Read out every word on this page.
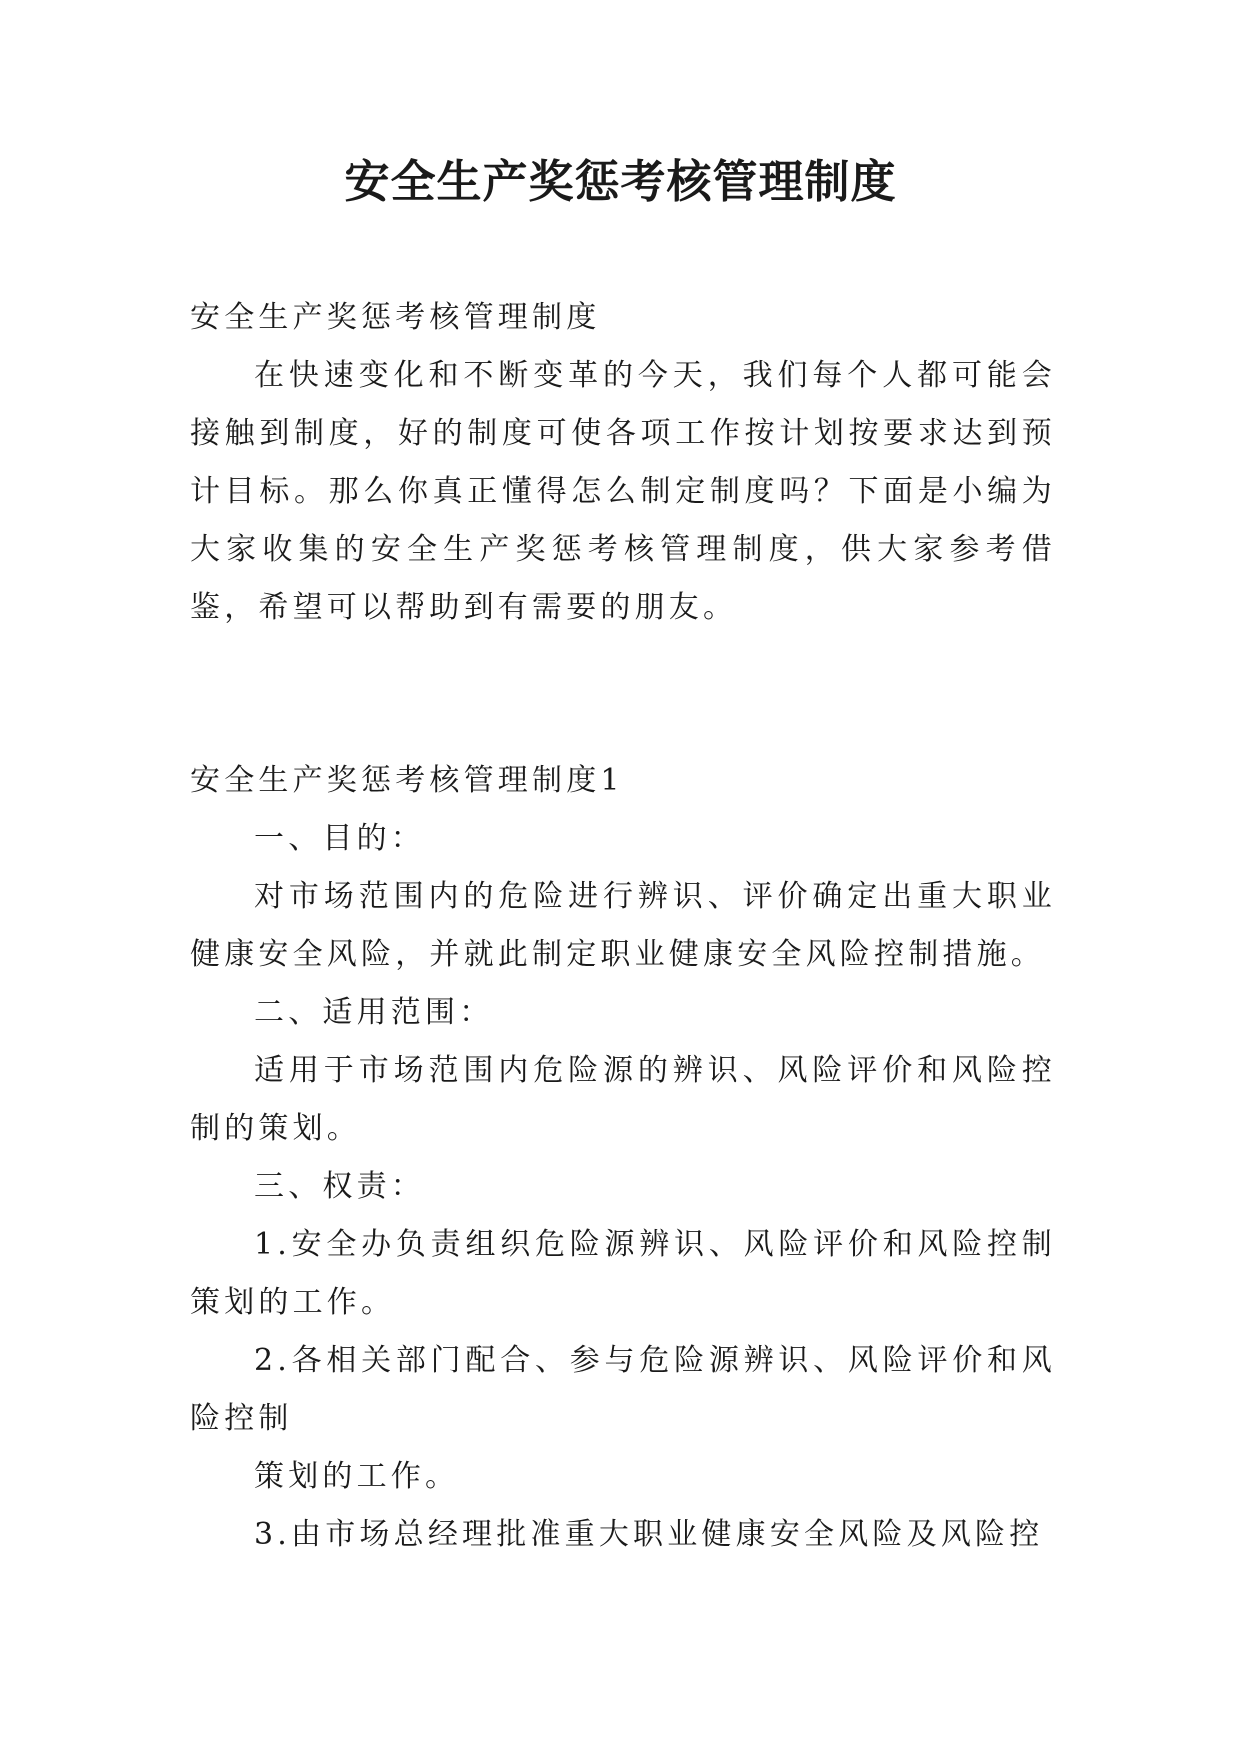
安全生产奖惩考核管理制度

安全生产奖惩考核管理制度

在快速变化和不断变革的今天，我们每个人都可能会接触到制度，好的制度可使各项工作按计划按要求达到预计目标。那么你真正懂得怎么制定制度吗？下面是小编为大家收集的安全生产奖惩考核管理制度，供大家参考借鉴，希望可以帮助到有需要的朋友。

安全生产奖惩考核管理制度1

一、目的：

对市场范围内的危险进行辨识、评价确定出重大职业健康安全风险，并就此制定职业健康安全风险控制措施。

二、适用范围：

适用于市场范围内危险源的辨识、风险评价和风险控制的策划。

三、权责：

1.安全办负责组织危险源辨识、风险评价和风险控制策划的工作。

2.各相关部门配合、参与危险源辨识、风险评价和风险控制

策划的工作。

3.由市场总经理批准重大职业健康安全风险及风险控
